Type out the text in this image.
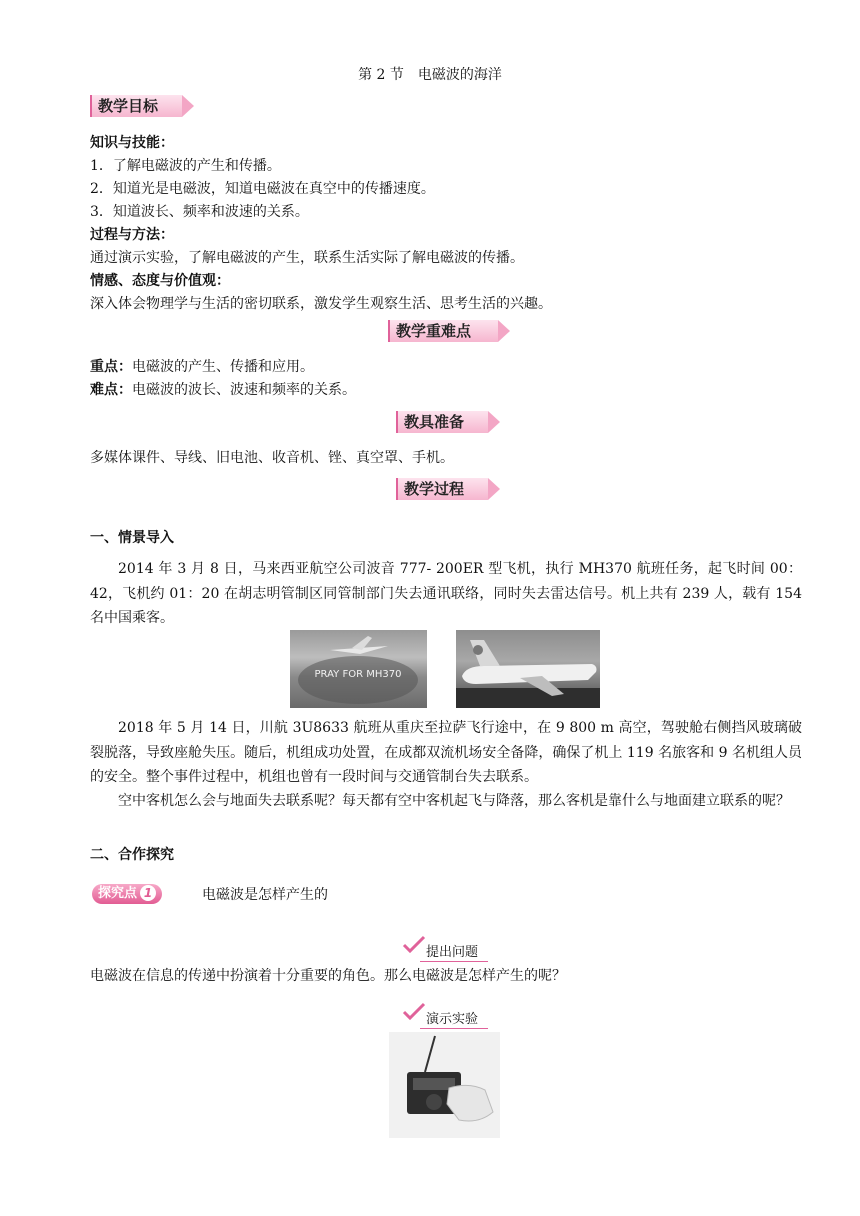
第 2 节　电磁波的海洋
教学目标
知识与技能：
1．了解电磁波的产生和传播。
2．知道光是电磁波，知道电磁波在真空中的传播速度。
3．知道波长、频率和波速的关系。
过程与方法：
通过演示实验，了解电磁波的产生，联系生活实际了解电磁波的传播。
情感、态度与价值观：
深入体会物理学与生活的密切联系，激发学生观察生活、思考生活的兴趣。
教学重难点
重点：电磁波的产生、传播和应用。
难点：电磁波的波长、波速和频率的关系。
教具准备
多媒体课件、导线、旧电池、收音机、锉、真空罩、手机。
教学过程
一、情景导入
2014 年 3 月 8 日，马来西亚航空公司波音 777- 200ER 型飞机，执行 MH370 航班任务，起飞时间 00：42，飞机约 01：20 在胡志明管制区同管制部门失去通讯联络，同时失去雷达信号。机上共有 239 人，载有 154 名中国乘客。
PRAY FOR MH370
2018 年 5 月 14 日，川航 3U8633 航班从重庆至拉萨飞行途中，在 9 800 m 高空，驾驶舱右侧挡风玻璃破裂脱落，导致座舱失压。随后，机组成功处置，在成都双流机场安全备降，确保了机上 119 名旅客和 9 名机组人员的安全。整个事件过程中，机组也曾有一段时间与交通管制台失去联系。
空中客机怎么会与地面失去联系呢？每天都有空中客机起飞与降落，那么客机是靠什么与地面建立联系的呢？
二、合作探究
探究点 1	电磁波是怎样产生的
提出问题
电磁波在信息的传递中扮演着十分重要的角色。那么电磁波是怎样产生的呢？
演示实验
